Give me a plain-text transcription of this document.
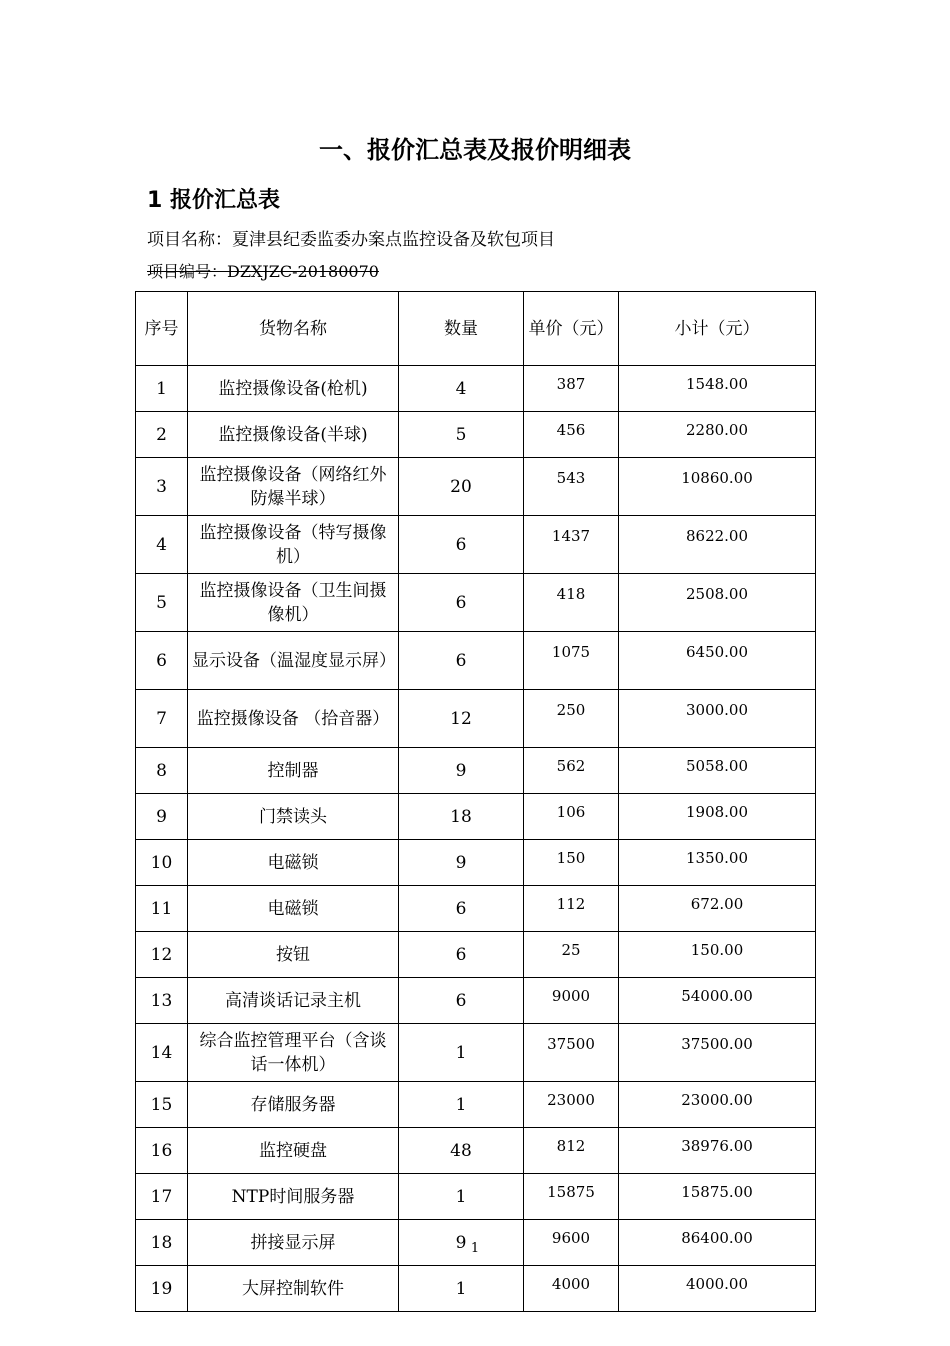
一、报价汇总表及报价明细表
1 报价汇总表
项目名称：夏津县纪委监委办案点监控设备及软包项目
项目编号：DZXJZC-20180070
序号	货物名称	数量	单价（元）	小计（元）
1	监控摄像设备(枪机)	4	387	1548.00
2	监控摄像设备(半球)	5	456	2280.00
3	监控摄像设备（网络红外防爆半球）	20	543	10860.00
4	监控摄像设备（特写摄像机）	6	1437	8622.00
5	监控摄像设备（卫生间摄像机）	6	418	2508.00
6	显示设备（温湿度显示屏）	6	1075	6450.00
7	监控摄像设备 （拾音器）	12	250	3000.00
8	控制器	9	562	5058.00
9	门禁读头	18	106	1908.00
10	电磁锁	9	150	1350.00
11	电磁锁	6	112	672.00
12	按钮	6	25	150.00
13	高清谈话记录主机	6	9000	54000.00
14	综合监控管理平台（含谈话一体机）	1	37500	37500.00
15	存储服务器	1	23000	23000.00
16	监控硬盘	48	812	38976.00
17	NTP时间服务器	1	15875	15875.00
18	拼接显示屏	9	9600	86400.00
19	大屏控制软件	1	4000	4000.00
1
